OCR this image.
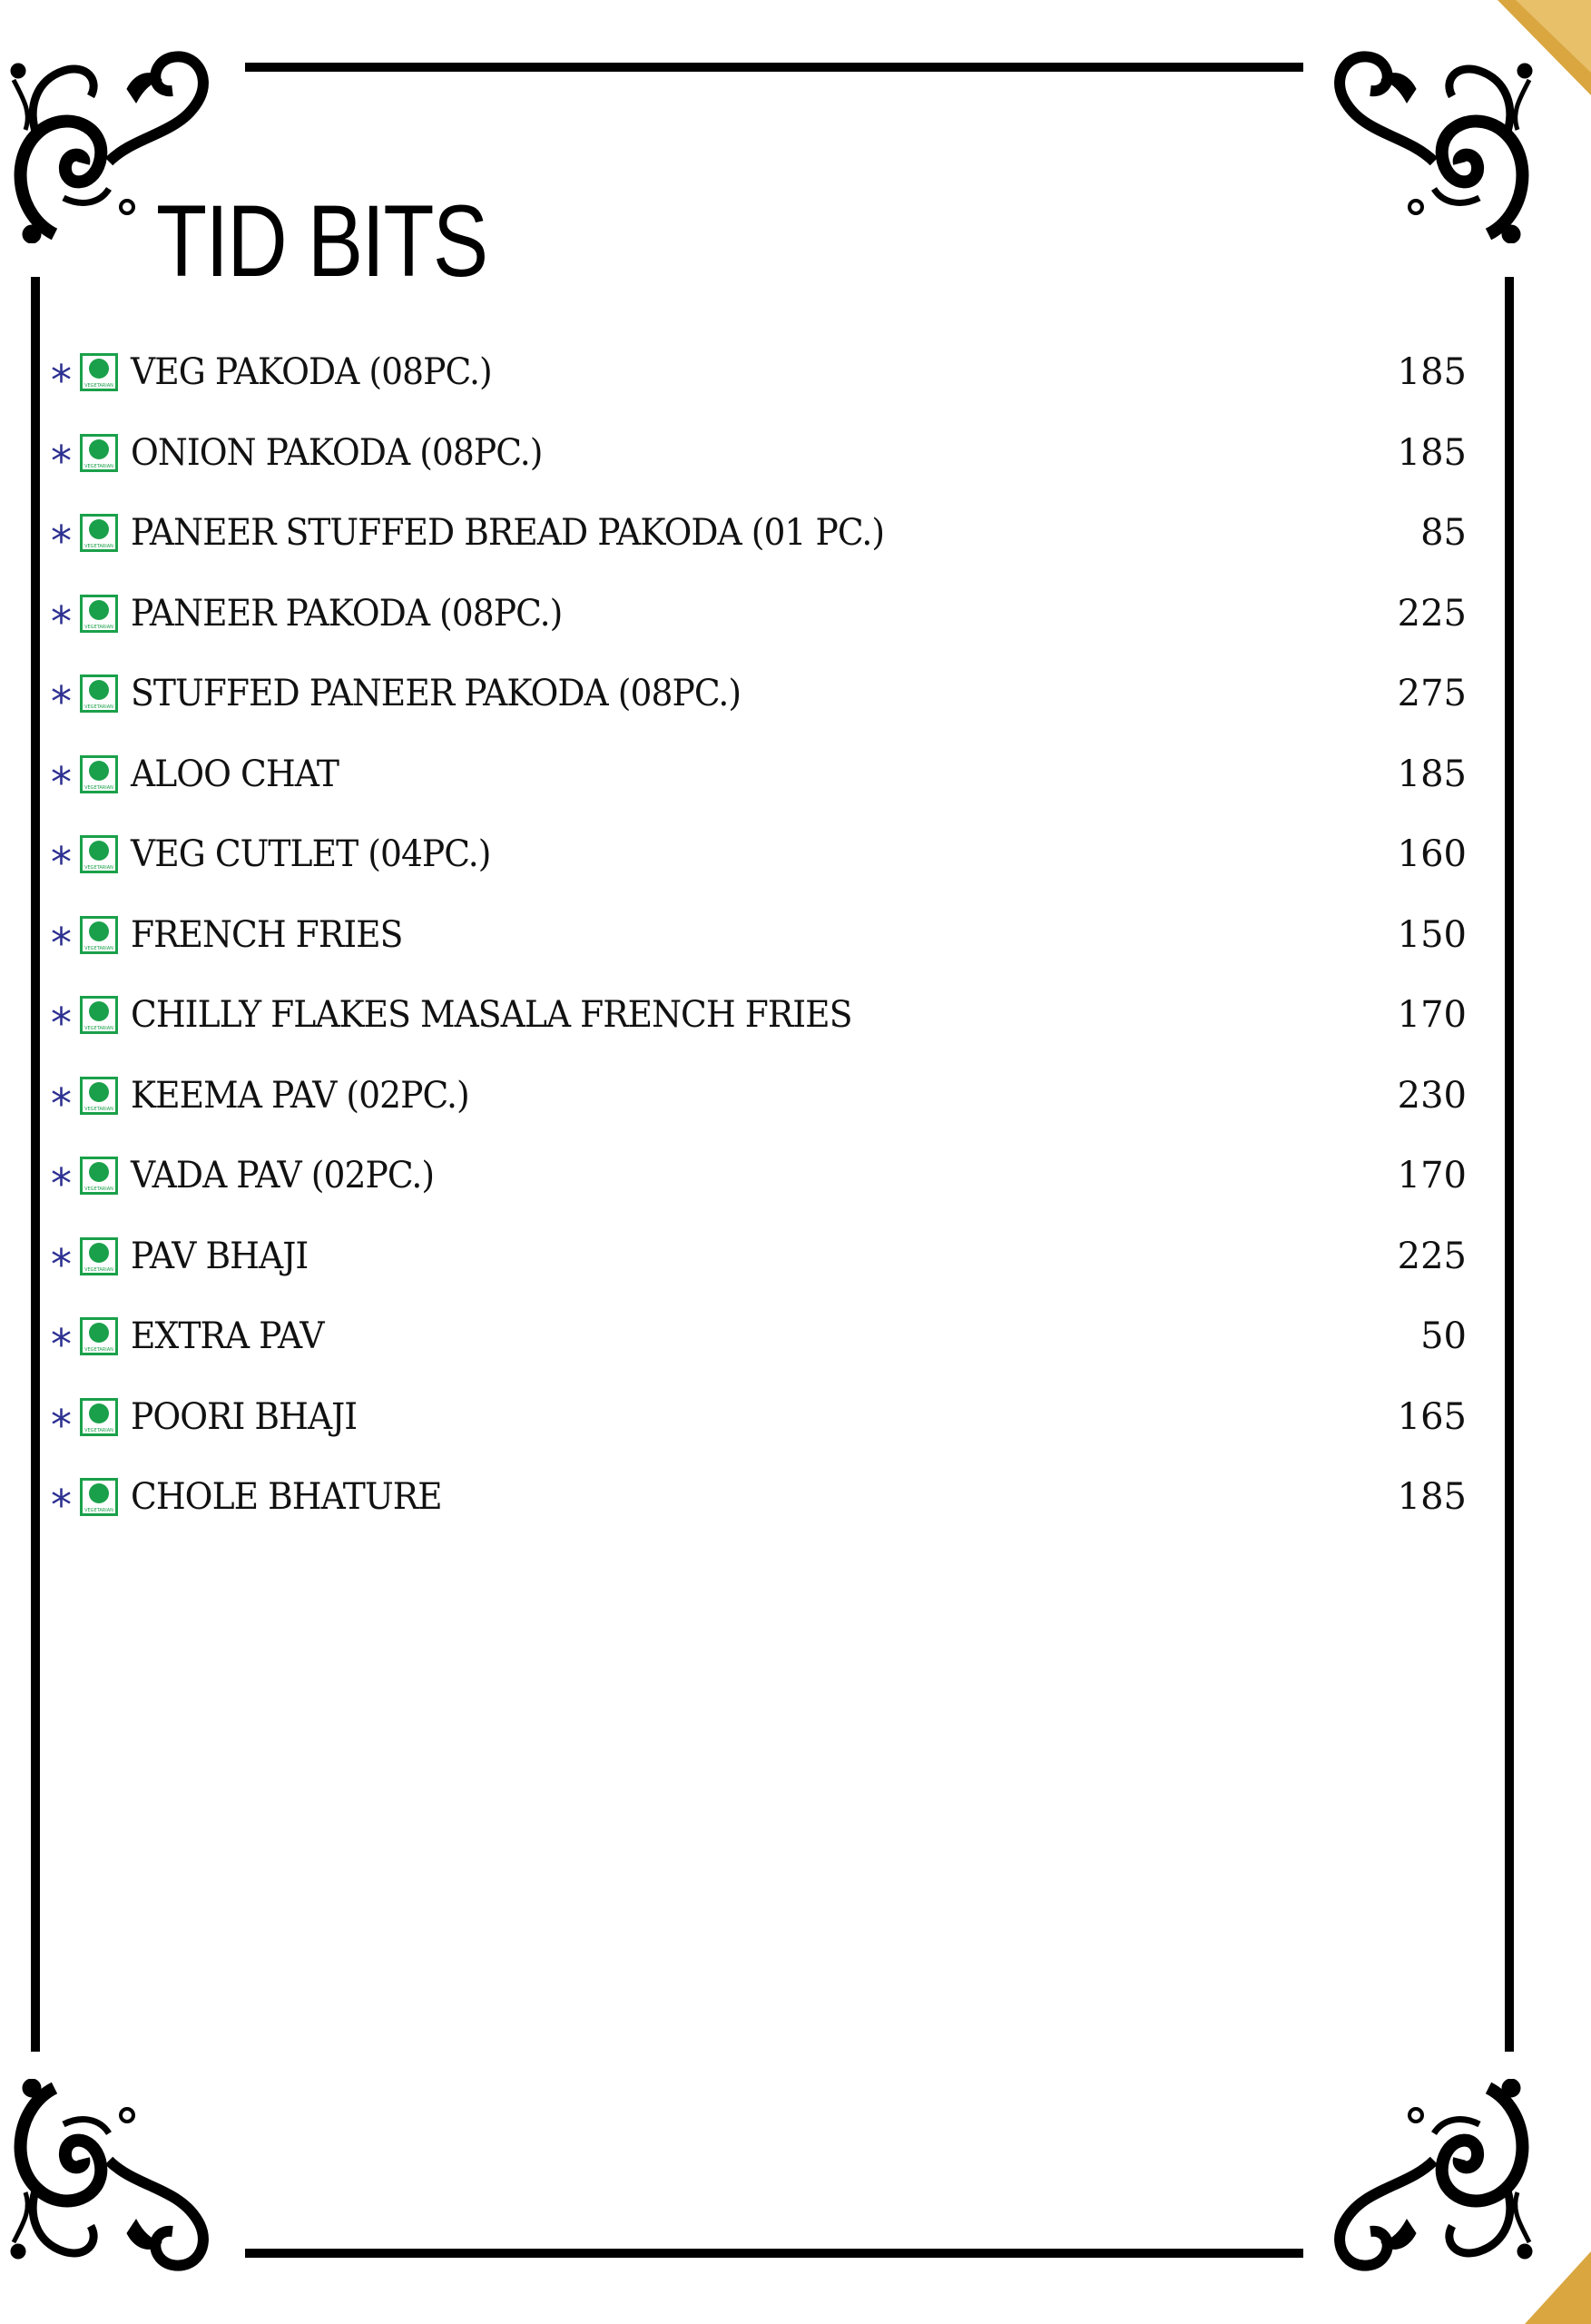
TID BITS
*	VEGETARIAN VEG PAKODA (08PC.)	185
*	VEGETARIAN ONION PAKODA (08PC.)	185
*	VEGETARIAN PANEER STUFFED BREAD PAKODA (01 PC.)	85
*	VEGETARIAN PANEER PAKODA (08PC.)	225
*	VEGETARIAN STUFFED PANEER PAKODA (08PC.)	275
*	VEGETARIAN ALOO CHAT	185
*	VEGETARIAN VEG CUTLET (04PC.)	160
*	VEGETARIAN FRENCH FRIES	150
*	VEGETARIAN CHILLY FLAKES MASALA FRENCH FRIES	170
*	VEGETARIAN KEEMA PAV (02PC.)	230
*	VEGETARIAN VADA PAV (02PC.)	170
*	VEGETARIAN PAV BHAJI	225
*	VEGETARIAN EXTRA PAV	50
*	VEGETARIAN POORI BHAJI	165
*	VEGETARIAN CHOLE BHATURE	185
